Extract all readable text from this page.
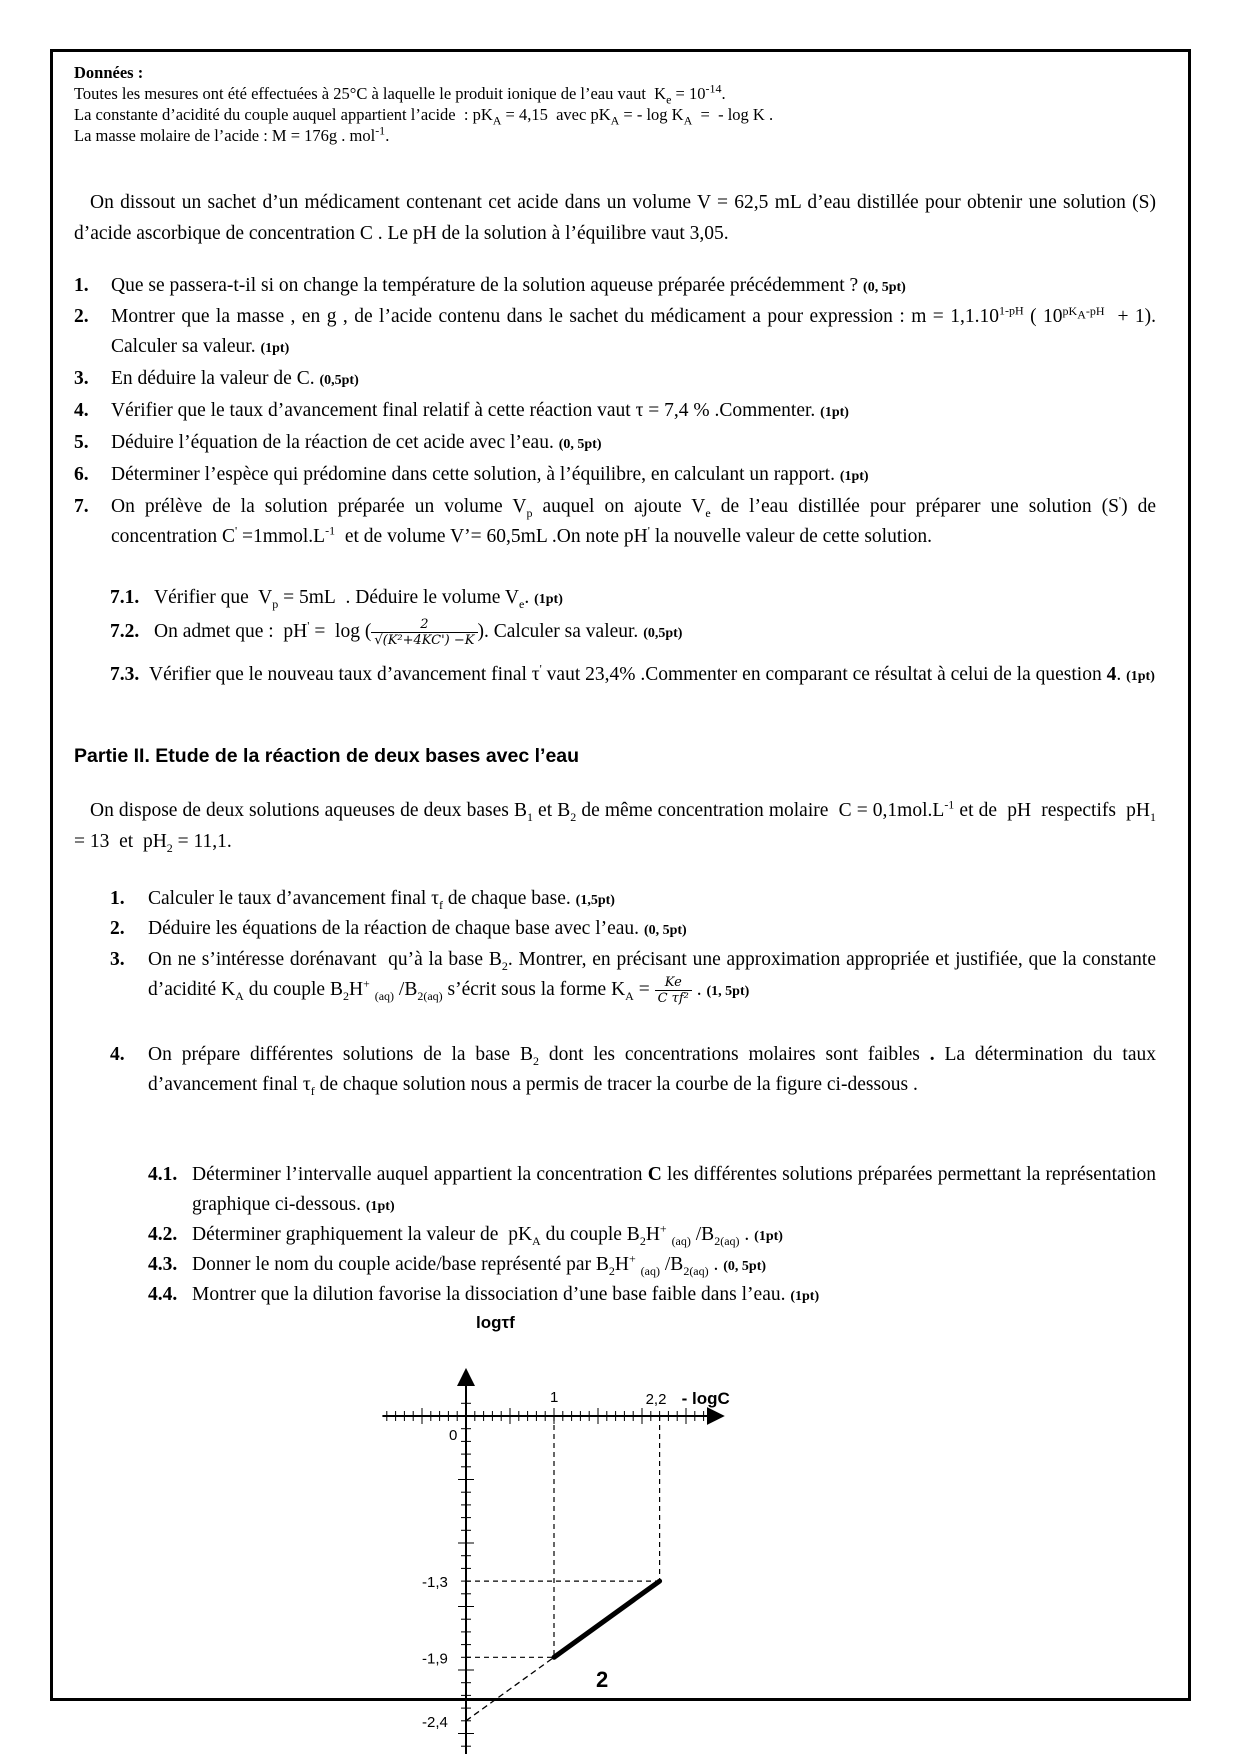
Données :
Toutes les mesures ont été effectuées à 25°C à laquelle le produit ionique de l’eau vaut  $K_e = 10^{-14}$.
La constante d’acidité du couple auquel appartient l’acide  : $pK_A = 4,15$  avec $pK_A$ = - $\log K_A$  =  - log K .
La masse molaire de l’acide : M = 176g . mol$^{-1}$.
On dissout un sachet d’un médicament contenant cet acide dans un volume V = 62,5 mL d’eau distillée pour obtenir une solution (S) d’acide ascorbique de concentration C . Le pH de la solution à l’équilibre vaut 3,05.
1.	Que se passera-t-il si on change la température de la solution aqueuse préparée précédemment ? (0, 5pt)
2.	Montrer que la masse , en g , de l’acide contenu dans le sachet du médicament a pour expression : $m = 1,1.10^{1-pH}$ ( $10^{pK_A-pH} + 1$). Calculer sa valeur. (1pt)
3.	En déduire la valeur de C. (0,5pt)
4.	Vérifier que le taux d’avancement final relatif à cette réaction vaut τ = 7,4 % .Commenter. (1pt)
5.	Déduire l’équation de la réaction de cet acide avec l’eau. (0, 5pt)
6.	Déterminer l’espèce qui prédomine dans cette solution, à l’équilibre, en calculant un rapport. (1pt)
7.	On prélève de la solution préparée un volume $V_p$ auquel on ajoute $V_e$ de l’eau distillée pour préparer une solution (S') de concentration $C' =1mmol.L^{-1}$  et de volume V’= 60,5mL .On note pH' la nouvelle valeur de cette solution.
7.1. Vérifier que  $V_p = 5mL$  . Déduire le volume $V_e$. (1pt)
7.2. On admet que :  pH' =  log ( $\frac{2}{\text{√(K²+4KC') −K}}$ ). Calculer sa valeur. (0,5pt)
7.3. Vérifier que le nouveau taux d’avancement final τ' vaut 23,4% .Commenter en comparant ce résultat à celui de la question 4. (1pt)
Partie II. Etude de la réaction de deux bases avec l’eau
On dispose de deux solutions aqueuses de deux bases $B_1$ et $B_2$ de même concentration molaire  $C = 0,1mol.L^{-1}$ et de  pH  respectifs  $pH_1 = 13$  et  $pH_2 = 11,1$.
1.	Calculer le taux d’avancement final $\tau_f$ de chaque base. (1,5pt)
2.	Déduire les équations de la réaction de chaque base avec l’eau. (0, 5pt)
3.	On ne s’intéresse dorénavant  qu’à la base $B_2$. Montrer, en précisant une approximation appropriée et justifiée, que la constante d’acidité $K_A$ du couple $B_2H^+$ $_{(aq)}$ $/B_{2(aq)}$ s’écrit sous la forme $K_A = \frac{Ke}{\text{C τf²}}$ . (1, 5pt)
4.	On prépare différentes solutions de la base $B_2$ dont les concentrations molaires sont faibles . La détermination du taux d’avancement final $\tau_f$ de chaque solution nous a permis de tracer la courbe de la figure ci-dessous .
4.1. Déterminer l’intervalle auquel appartient la concentration C les différentes solutions préparées permettant la représentation graphique ci-dessous. (1pt)
4.2. Déterminer graphiquement la valeur de  $pK_A$ du couple $B_2H^+$ $_{(aq)}$ $/B_{2(aq)}$ . (1pt)
4.3. Donner le nom du couple acide/base représenté par $B_2H^+$ $_{(aq)}$ $/B_{2(aq)}$ . (0, 5pt)
4.4. Montrer que la dilution favorise la dissociation d’une base faible dans l’eau. (1pt)
logτf
- logC
0
1	2,2
-1,3
-1,9
-2,4
2
